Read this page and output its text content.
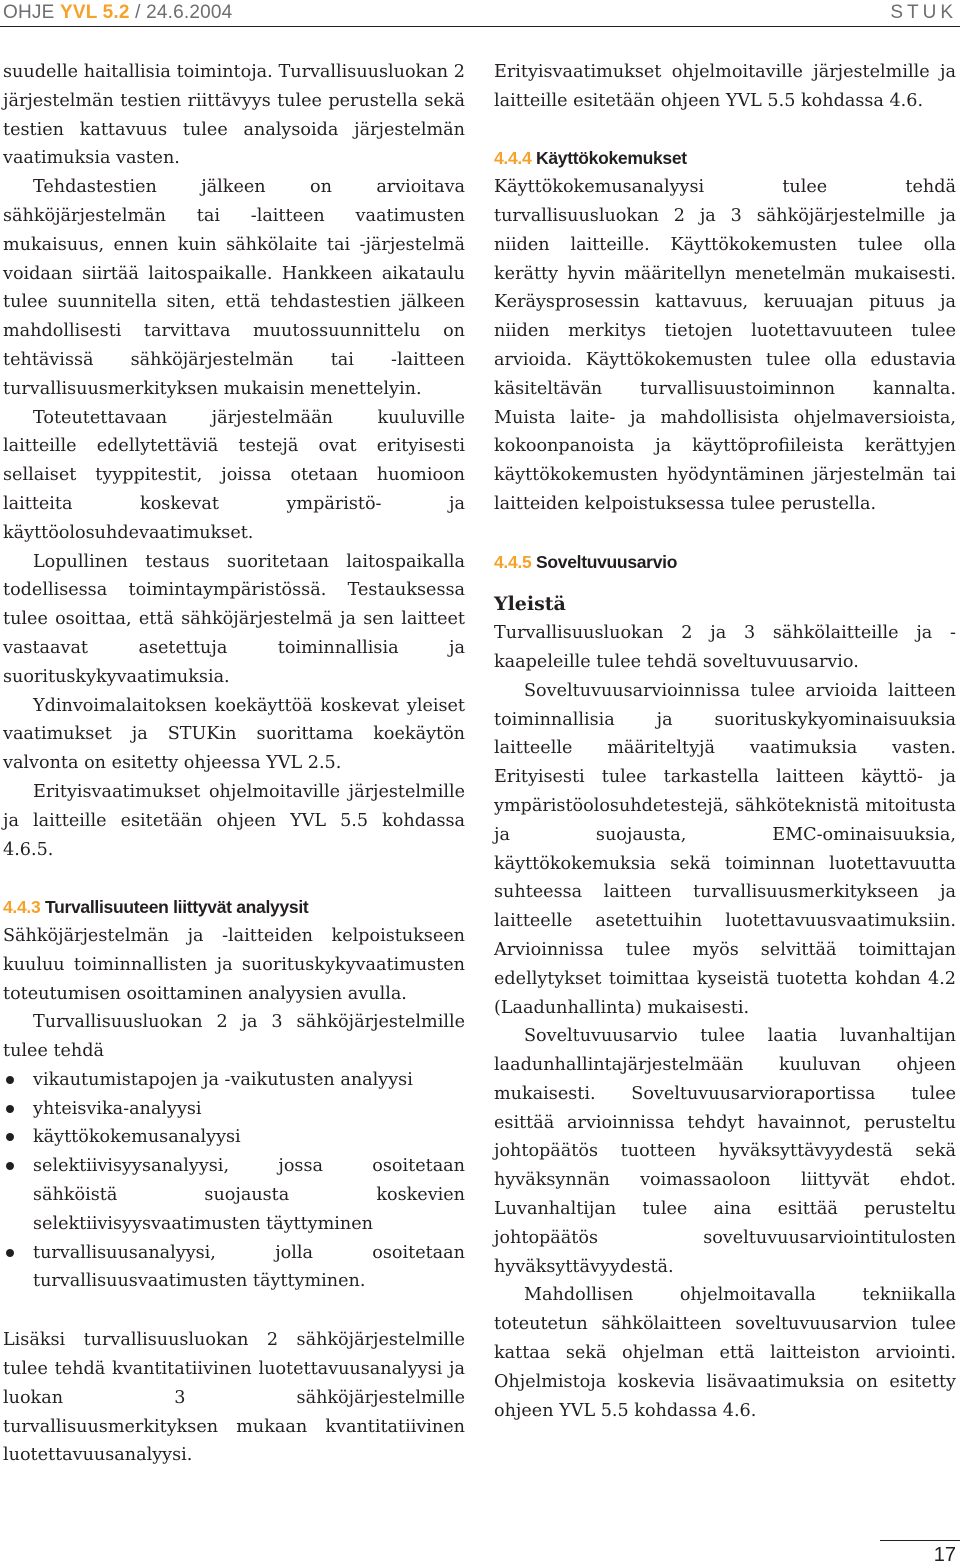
OHJE YVL 5.2 / 24.6.2004	STUK

suudelle haitallisia toimintoja. Turvallisuusluokan 2 järjestelmän testien riittävyys tulee perustella sekä testien kattavuus tulee analysoida järjestelmän vaatimuksia vasten.

Tehdastestien jälkeen on arvioitava sähköjärjestelmän tai -laitteen vaatimusten mukaisuus, ennen kuin sähkölaite tai -järjestelmä voidaan siirtää laitospaikalle. Hankkeen aikataulu tulee suunnitella siten, että tehdastestien jälkeen mahdollisesti tarvittava muutossuunnittelu on tehtävissä sähköjärjestelmän tai -laitteen turvallisuusmerkityksen mukaisin menettelyin.

Toteutettavaan järjestelmään kuuluville laitteille edellytettäviä testejä ovat erityisesti sellaiset tyyppitestit, joissa otetaan huomioon laitteita koskevat ympäristö- ja käyttöolosuhdevaatimukset.

Lopullinen testaus suoritetaan laitospaikalla todellisessa toimintaympäristössä. Testauksessa tulee osoittaa, että sähköjärjestelmä ja sen laitteet vastaavat asetettuja toiminnallisia ja suorituskykyvaatimuksia.

Ydinvoimalaitoksen koekäyttöä koskevat yleiset vaatimukset ja STUKin suorittama koekäytön valvonta on esitetty ohjeessa YVL 2.5.

Erityisvaatimukset ohjelmoitaville järjestelmille ja laitteille esitetään ohjeen YVL 5.5 kohdassa 4.6.5.

4.4.3 Turvallisuuteen liittyvät analyysit

Sähköjärjestelmän ja -laitteiden kelpoistukseen kuuluu toiminnallisten ja suorituskykyvaatimusten toteutumisen osoittaminen analyysien avulla.

Turvallisuusluokan 2 ja 3 sähköjärjestelmille tulee tehdä

vikautumistapojen ja -vaikutusten analyysi
yhteisvika-analyysi
käyttökokemusanalyysi
selektiivisyysanalyysi, jossa osoitetaan sähköistä suojausta koskevien selektiivisyysvaatimusten täyttyminen
turvallisuusanalyysi, jolla osoitetaan turvallisuusvaatimusten täyttyminen.

Lisäksi turvallisuusluokan 2 sähköjärjestelmille tulee tehdä kvantitatiivinen luotettavuusanalyysi ja luokan 3 sähköjärjestelmille turvallisuusmerkityksen mukaan kvantitatiivinen luotettavuusanalyysi.

Erityisvaatimukset ohjelmoitaville järjestelmille ja laitteille esitetään ohjeen YVL 5.5 kohdassa 4.6.

4.4.4 Käyttökokemukset

Käyttökokemusanalyysi tulee tehdä turvallisuusluokan 2 ja 3 sähköjärjestelmille ja niiden laitteille. Käyttökokemusten tulee olla kerätty hyvin määritellyn menetelmän mukaisesti. Keräysprosessin kattavuus, keruuajan pituus ja niiden merkitys tietojen luotettavuuteen tulee arvioida. Käyttökokemusten tulee olla edustavia käsiteltävän turvallisuustoiminnon kannalta. Muista laite- ja mahdollisista ohjelmaversioista, kokoonpanoista ja käyttöprofiileista kerättyjen käyttökokemusten hyödyntäminen järjestelmän tai laitteiden kelpoistuksessa tulee perustella.

4.4.5 Soveltuvuusarvio
Yleistä

Turvallisuusluokan 2 ja 3 sähkölaitteille ja -kaapeleille tulee tehdä soveltuvuusarvio.

Soveltuvuusarvioinnissa tulee arvioida laitteen toiminnallisia ja suorituskykyominaisuuksia laitteelle määriteltyjä vaatimuksia vasten. Erityisesti tulee tarkastella laitteen käyttö- ja ympäristöolosuhdetestejä, sähköteknistä mitoitusta ja suojausta, EMC-ominaisuuksia, käyttökokemuksia sekä toiminnan luotettavuutta suhteessa laitteen turvallisuusmerkitykseen ja laitteelle asetettuihin luotettavuusvaatimuksiin. Arvioinnissa tulee myös selvittää toimittajan edellytykset toimittaa kyseistä tuotetta kohdan 4.2 (Laadunhallinta) mukaisesti.

Soveltuvuusarvio tulee laatia luvanhaltijan laadunhallintajärjestelmään kuuluvan ohjeen mukaisesti. Soveltuvuusarvioraportissa tulee esittää arvioinnissa tehdyt havainnot, perusteltu johtopäätös tuotteen hyväksyttävyydestä sekä hyväksynnän voimassaoloon liittyvät ehdot. Luvanhaltijan tulee aina esittää perusteltu johtopäätös soveltuvuusarviointitulosten hyväksyttävyydestä.

Mahdollisen ohjelmoitavalla tekniikalla toteutetun sähkölaitteen soveltuvuusarvion tulee kattaa sekä ohjelman että laitteiston arviointi. Ohjelmistoja koskevia lisävaatimuksia on esitetty ohjeen YVL 5.5 kohdassa 4.6.

17
